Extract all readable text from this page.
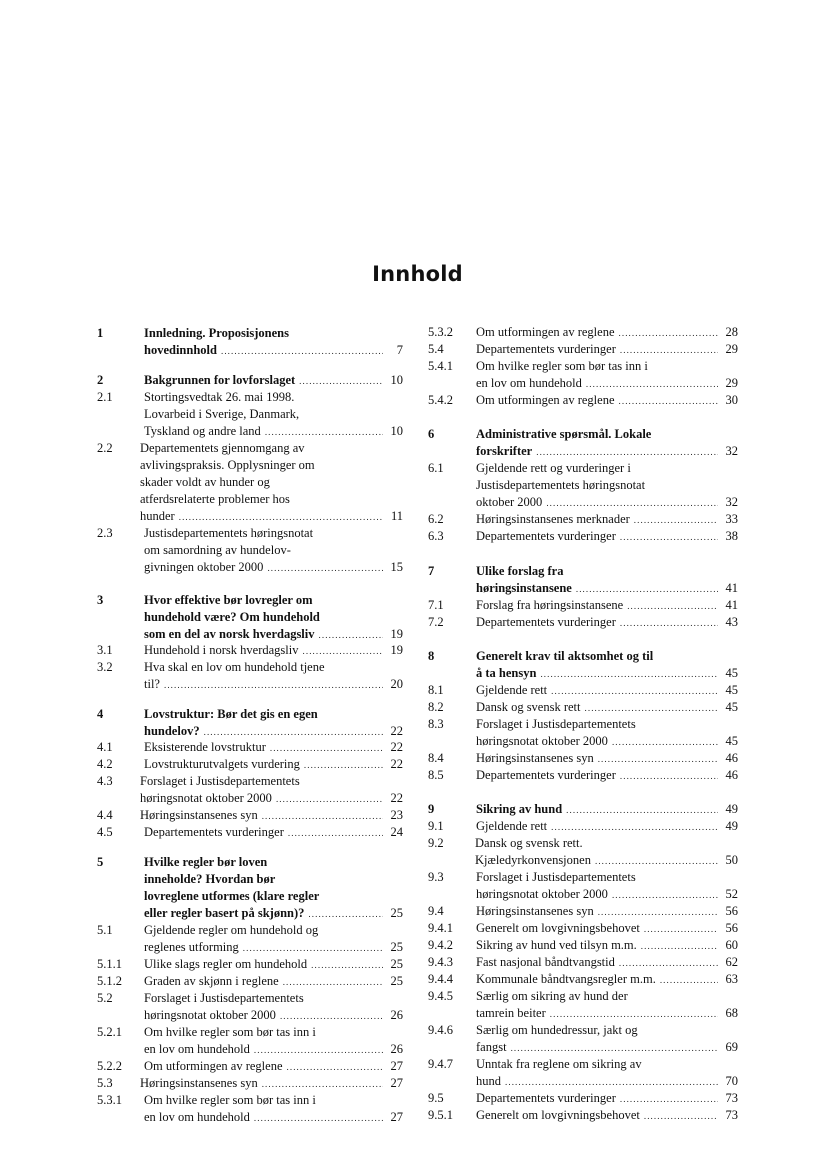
Innhold
1	Innledning. Proposisjonens
hovedinnhold .....	7
2	Bakgrunnen for lovforslaget .....	10
2.1	Stortingsvedtak 26. mai 1998.
Lovarbeid i Sverige, Danmark,
Tyskland og andre land .....	10
2.2 Departementets gjennomgang av
avlivingspraksis. Opplysninger om
skader voldt av hunder og
atferdsrelaterte problemer hos
hunder .....	11
2.3	Justisdepartementets høringsnotat
om samordning av hundelov-
givningen oktober 2000 .....	15
3	Hvor effektive bør lovregler om
hundehold være? Om hundehold
som en del av norsk hverdagsliv .....	19
3.1	Hundehold i norsk hverdagsliv .....	19
3.2	Hva skal en lov om hundehold tjene
til? .....	20
4	Lovstruktur: Bør det gis en egen
hundelov? .....	22
4.1	Eksisterende lovstruktur .....	22
4.2	Lovstrukturutvalgets vurdering .....	22
4.3 Forslaget i Justisdepartementets
høringsnotat oktober 2000 .....	22
4.4 Høringsinstansenes syn .....	23
4.5	Departementets vurderinger .....	24
5	Hvilke regler bør loven
inneholde? Hvordan bør
lovreglene utformes (klare regler
eller regler basert på skjønn)? .....	25
5.1	Gjeldende regler om hundehold og
reglenes utforming .....	25
5.1.1 Ulike slags regler om hundehold .....	25
5.1.2 Graden av skjønn i reglene .....	25
5.2	Forslaget i Justisdepartementets
høringsnotat oktober 2000 .....	26
5.2.1 Om hvilke regler som bør tas inn i
en lov om hundehold .....	26
5.2.2 Om utformingen av reglene .....	27
5.3 Høringsinstansenes syn .....	27
5.3.1 Om hvilke regler som bør tas inn i
en lov om hundehold .....	27
5.3.2 Om utformingen av reglene .....	28
5.4	Departementets vurderinger .....	29
5.4.1 Om hvilke regler som bør tas inn i
en lov om hundehold .....	29
5.4.2 Om utformingen av reglene .....	30
6	Administrative spørsmål. Lokale
forskrifter .....	32
6.1	Gjeldende rett og vurderinger i
Justisdepartementets høringsnotat
oktober 2000 .....	32
6.2	Høringsinstansenes merknader .....	33
6.3	Departementets vurderinger .....	38
7	Ulike forslag fra
høringsinstansene .....	41
7.1	Forslag fra høringsinstansene .....	41
7.2	Departementets vurderinger .....	43
8	Generelt krav til aktsomhet og til
å ta hensyn .....	45
8.1	Gjeldende rett .....	45
8.2	Dansk og svensk rett .....	45
8.3	Forslaget i Justisdepartementets
høringsnotat oktober 2000 .....	45
8.4	Høringsinstansenes syn .....	46
8.5	Departementets vurderinger .....	46
9	Sikring av hund .....	49
9.1	Gjeldende rett .....	49
9.2	Dansk og svensk rett.
Kjæledyrkonvensjonen .....	50
9.3	Forslaget i Justisdepartementets
høringsnotat oktober 2000 .....	52
9.4	Høringsinstansenes syn .....	56
9.4.1 Generelt om lovgivningsbehovet .....	56
9.4.2 Sikring av hund ved tilsyn m.m. .....	60
9.4.3 Fast nasjonal båndtvangstid .....	62
9.4.4 Kommunale båndtvangsregler m.m. .....	63
9.4.5 Særlig om sikring av hund der
tamrein beiter .....	68
9.4.6 Særlig om hundedressur, jakt og
fangst .....	69
9.4.7 Unntak fra reglene om sikring av
hund .....	70
9.5	Departementets vurderinger .....	73
9.5.1 Generelt om lovgivningsbehovet .....	73
